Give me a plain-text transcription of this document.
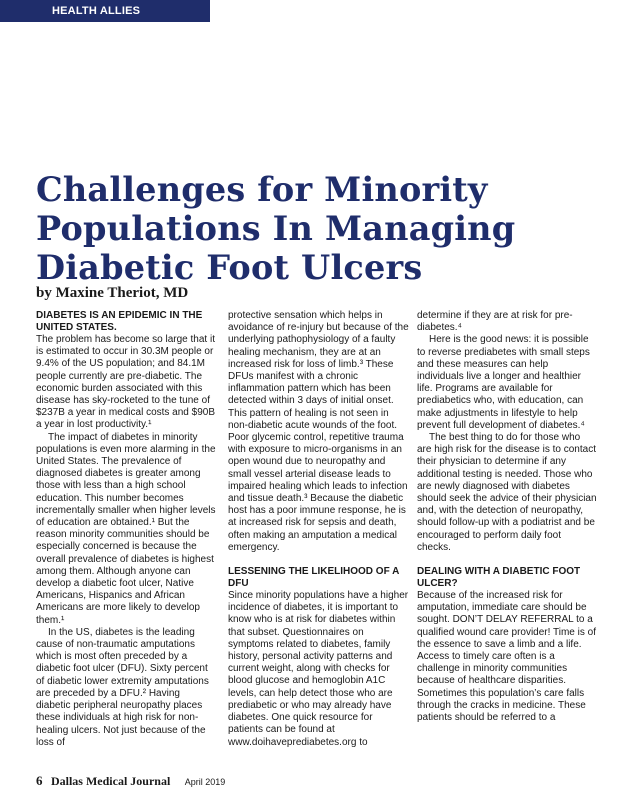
HEALTH ALLIES
Challenges for Minority Populations In Managing Diabetic Foot Ulcers

by Maxine Theriot, MD

DIABETES IS AN EPIDEMIC IN THE UNITED STATES.

The problem has become so large that it is estimated to occur in 30.3M people or 9.4% of the US population; and 84.1M people currently are pre-diabetic. The economic burden associated with this disease has sky-rocketed to the tune of $237B a year in medical costs and $90B a year in lost productivity.¹

The impact of diabetes in minority populations is even more alarming in the United States. The prevalence of diagnosed diabetes is greater among those with less than a high school education. This number becomes incrementally smaller when higher levels of education are obtained.¹ But the reason minority communities should be especially concerned is because the overall prevalence of diabetes is highest among them. Although anyone can develop a diabetic foot ulcer, Native Americans, Hispanics and African Americans are more likely to develop them.¹

In the US, diabetes is the leading cause of non-traumatic amputations which is most often preceded by a diabetic foot ulcer (DFU). Sixty percent of diabetic lower extremity amputations are preceded by a DFU.² Having diabetic peripheral neuropathy places these individuals at high risk for non-healing ulcers. Not just because of the loss of

protective sensation which helps in avoidance of re-injury but because of the underlying pathophysiology of a faulty healing mechanism, they are at an increased risk for loss of limb.³ These DFUs manifest with a chronic inflammation pattern which has been detected within 3 days of initial onset. This pattern of healing is not seen in non-diabetic acute wounds of the foot. Poor glycemic control, repetitive trauma with exposure to micro-organisms in an open wound due to neuropathy and small vessel arterial disease leads to impaired healing which leads to infection and tissue death.³ Because the diabetic host has a poor immune response, he is at increased risk for sepsis and death, often making an amputation a medical emergency.

LESSENING THE LIKELIHOOD OF A DFU

Since minority populations have a higher incidence of diabetes, it is important to know who is at risk for diabetes within that subset. Questionnaires on symptoms related to diabetes, family history, personal activity patterns and current weight, along with checks for blood glucose and hemoglobin A1C levels, can help detect those who are prediabetic or who may already have diabetes. One quick resource for patients can be found at www.doihaveprediabetes.org to

determine if they are at risk for pre-diabetes.⁴

Here is the good news: it is possible to reverse prediabetes with small steps and these measures can help individuals live a longer and healthier life. Programs are available for prediabetics who, with education, can make adjustments in lifestyle to help prevent full development of diabetes.⁴

The best thing to do for those who are high risk for the disease is to contact their physician to determine if any additional testing is needed. Those who are newly diagnosed with diabetes should seek the advice of their physician and, with the detection of neuropathy, should follow-up with a podiatrist and be encouraged to perform daily foot checks.

DEALING WITH A DIABETIC FOOT ULCER?

Because of the increased risk for amputation, immediate care should be sought. DON’T DELAY REFERRAL to a qualified wound care provider! Time is of the essence to save a limb and a life. Access to timely care often is a challenge in minority communities because of healthcare disparities. Sometimes this population’s care falls through the cracks in medicine. These patients should be referred to a

6 Dallas Medical Journal April 2019
